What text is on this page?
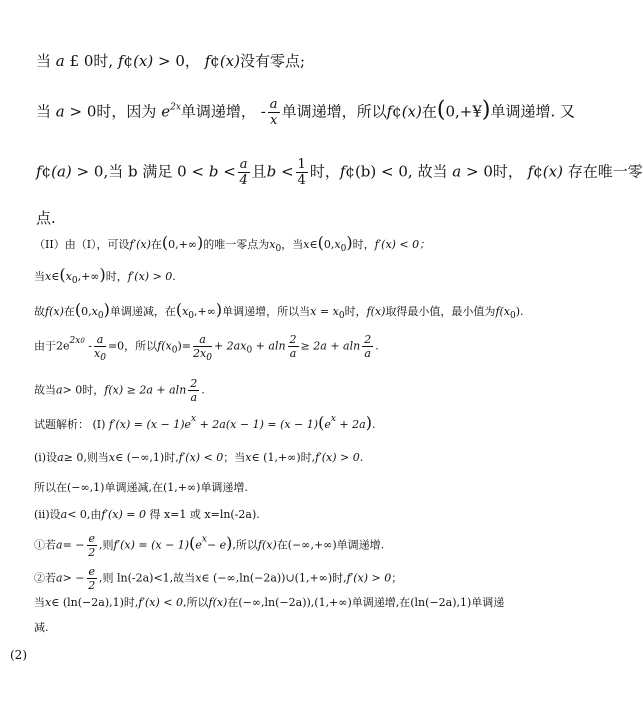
当 a £ 0时, f¢(x) > 0， f¢(x)没有零点;
当 a > 0时，因为 $e^{2x}$单调递增， - $\frac{a}{x}$ 单调递增，所以f¢(x)在(0,+¥)单调递增. 又
f¢(a) > 0,当 b 满足 $0 < b < \frac{a}{4}$ 且$b < \frac{1}{4}$ 时，f¢(b) < 0, 故当 a > 0时， f¢(x) 存在唯一零
点.
（II）由（I），可设f′(x)在(0,+∞)的唯一零点为$x_0$，当$x\in(0,x_0)$时，f′(x) < 0；
当$x\in(x_0,+\infty)$时，f′(x) > 0.
故f(x)在$(0,x_0)$单调递减，在$(x_0,+\infty)$单调递增，所以当$x = x_0$时，f(x)取得最小值，最小值为$f(x_0)$.
由于$2e^{2x0} - \frac{a}{x_0} =0$，所以$f(x_0)= \frac{a}{2x_0} + 2ax_0 + aln \frac{2}{a} \ge 2a + aln \frac{2}{a}$ .
故当a> 0时，f(x) ≥ 2a + aln $\frac{2}{a}$ .
试题解析： (I) $f'(x) = (x - 1)e^x + 2a(x - 1) = (x - 1)(e^x + 2a)$.
(i)设a≥ 0,则当x∈ (−∞,1)时,f′(x) < 0；当x∈ (1,+∞)时,f′(x) > 0.
所以在(−∞,1)单调递减,在(1,+∞)单调递增.
(ii)设a< 0,由f′(x) = 0 得 x=1 或 x=ln(-2a).
①若$a= - \frac{e}{2}$ ,则$f'(x) = (x - 1)(e^x- e)$,所以f(x)在(−∞,+∞)单调递增.
②若$a> - \frac{e}{2}$ ,则 ln(-2a)<1,故当x∈ (−∞,ln(−2a))∪(1,+∞)时,f′(x) > 0；
当x∈ (ln(−2a),1)时,f′(x) < 0,所以f(x)在(−∞,ln(−2a)),(1,+∞)单调递增,在(ln(−2a),1)单调递
减.
(2)
